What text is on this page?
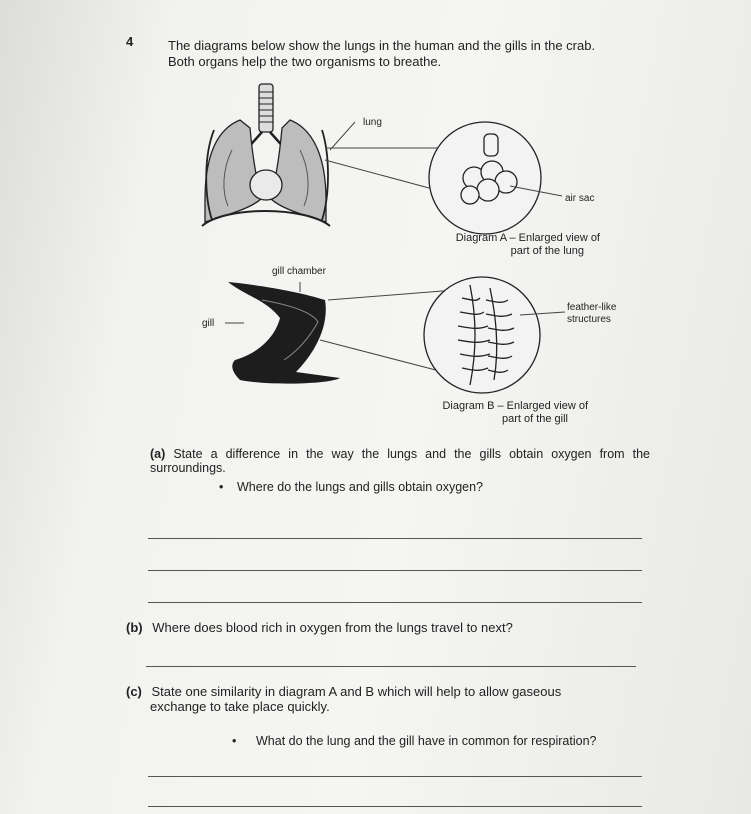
4	The diagrams below show the lungs in the human and the gills in the crab.
Both organs help the two organisms to breathe.
lung
air sac
Diagram A – Enlarged view of
part of the lung
gill chamber
gill
feather-like
structures
Diagram B – Enlarged view of
part of the gill
(a) State a difference in the way the lungs and the gills obtain oxygen from the surroundings.
• Where do the lungs and gills obtain oxygen?
(b) Where does blood rich in oxygen from the lungs travel to next?
(c) State one similarity in diagram A and B which will help to allow gaseous
exchange to take place quickly.
• What do the lung and the gill have in common for respiration?
